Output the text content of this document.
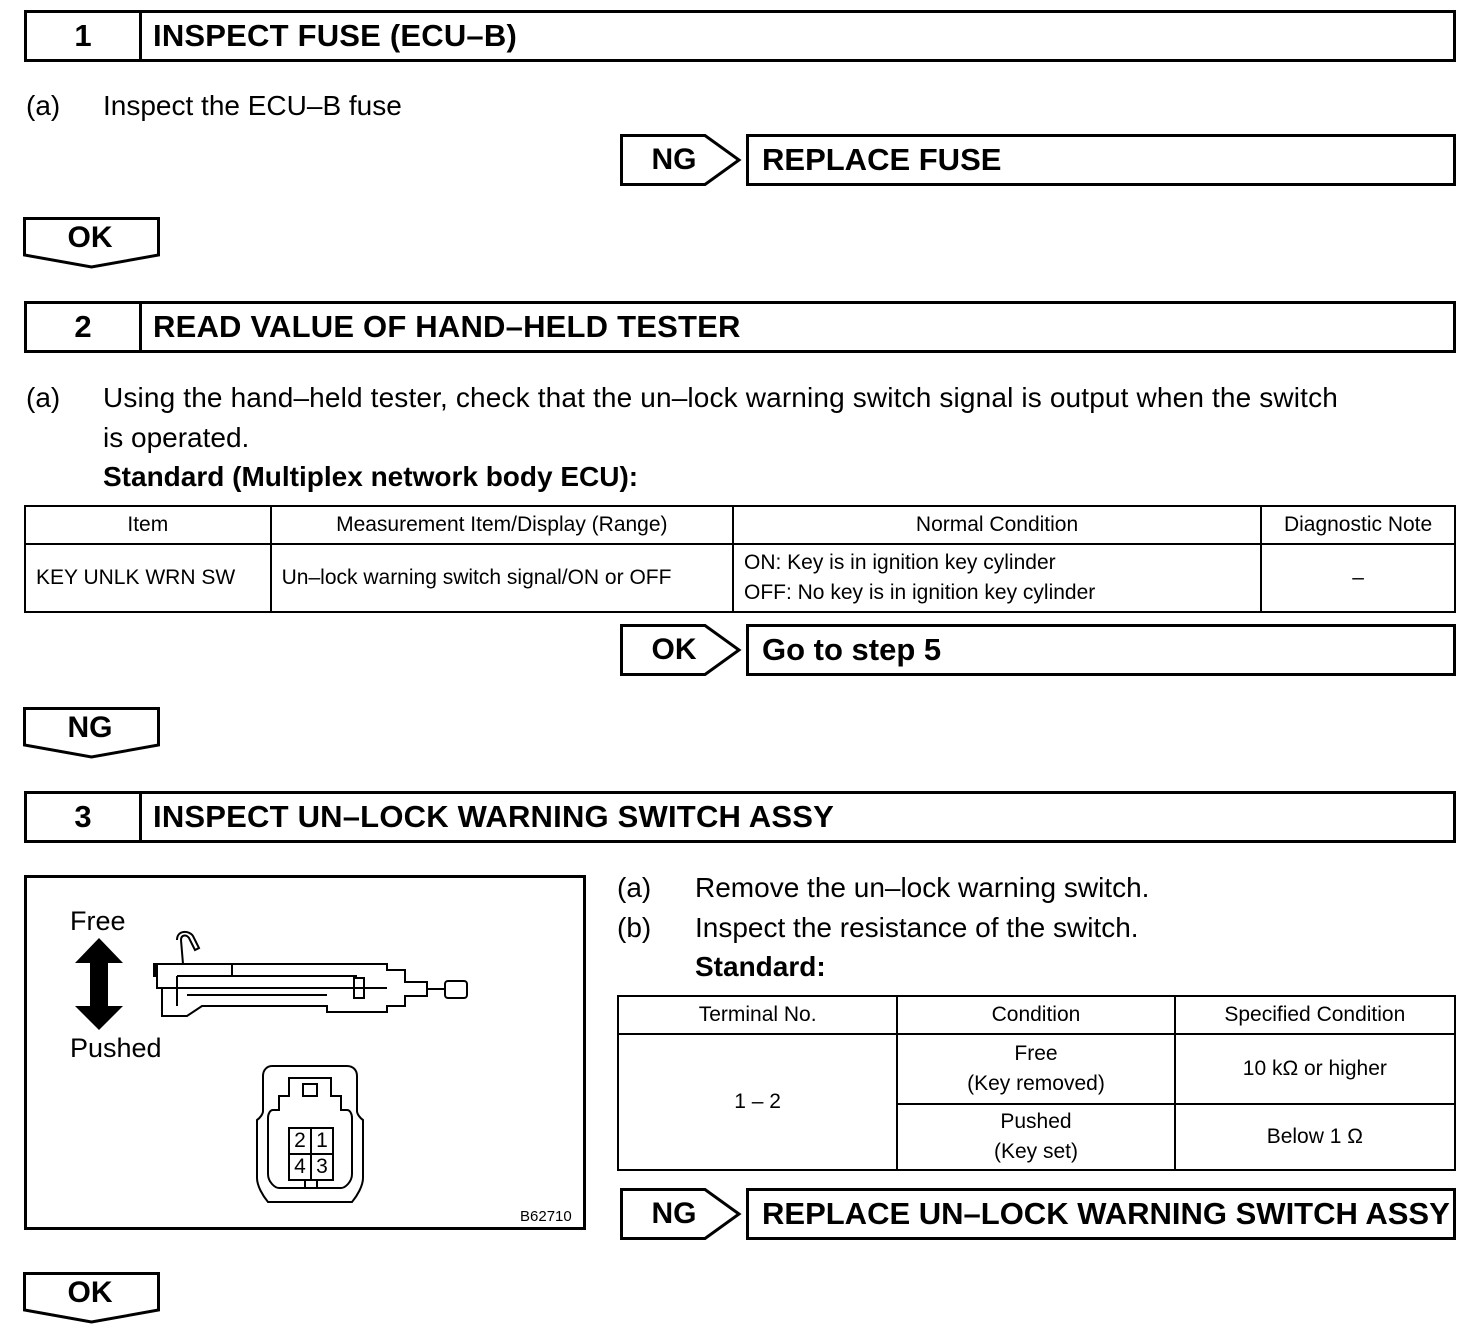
1	INSPECT FUSE (ECU–B)
(a) Inspect the ECU–B fuse
NG	REPLACE FUSE
OK
2	READ VALUE OF HAND–HELD TESTER
(a) Using the hand–held tester, check that the un–lock warning switch signal is output when the switch
is operated.
Standard (Multiplex network body ECU):
Item	Measurement Item/Display (Range)	Normal Condition	Diagnostic Note
KEY UNLK WRN SW	Un–lock warning switch signal/ON or OFF	ON: Key is in ignition key cylinder
OFF: No key is in ignition key cylinder	–
OK	Go to step 5
NG
3	INSPECT UN–LOCK WARNING SWITCH ASSY
Free
Pushed
2 1
4 3
B62710
(a) Remove the un–lock warning switch.
(b) Inspect the resistance of the switch.
Standard:
Terminal No.	Condition	Specified Condition
1 – 2	Free
(Key removed)	10 kΩ or higher

	Pushed
(Key set)	Below 1 Ω
NG	REPLACE UN–LOCK WARNING SWITCH ASSY
OK
